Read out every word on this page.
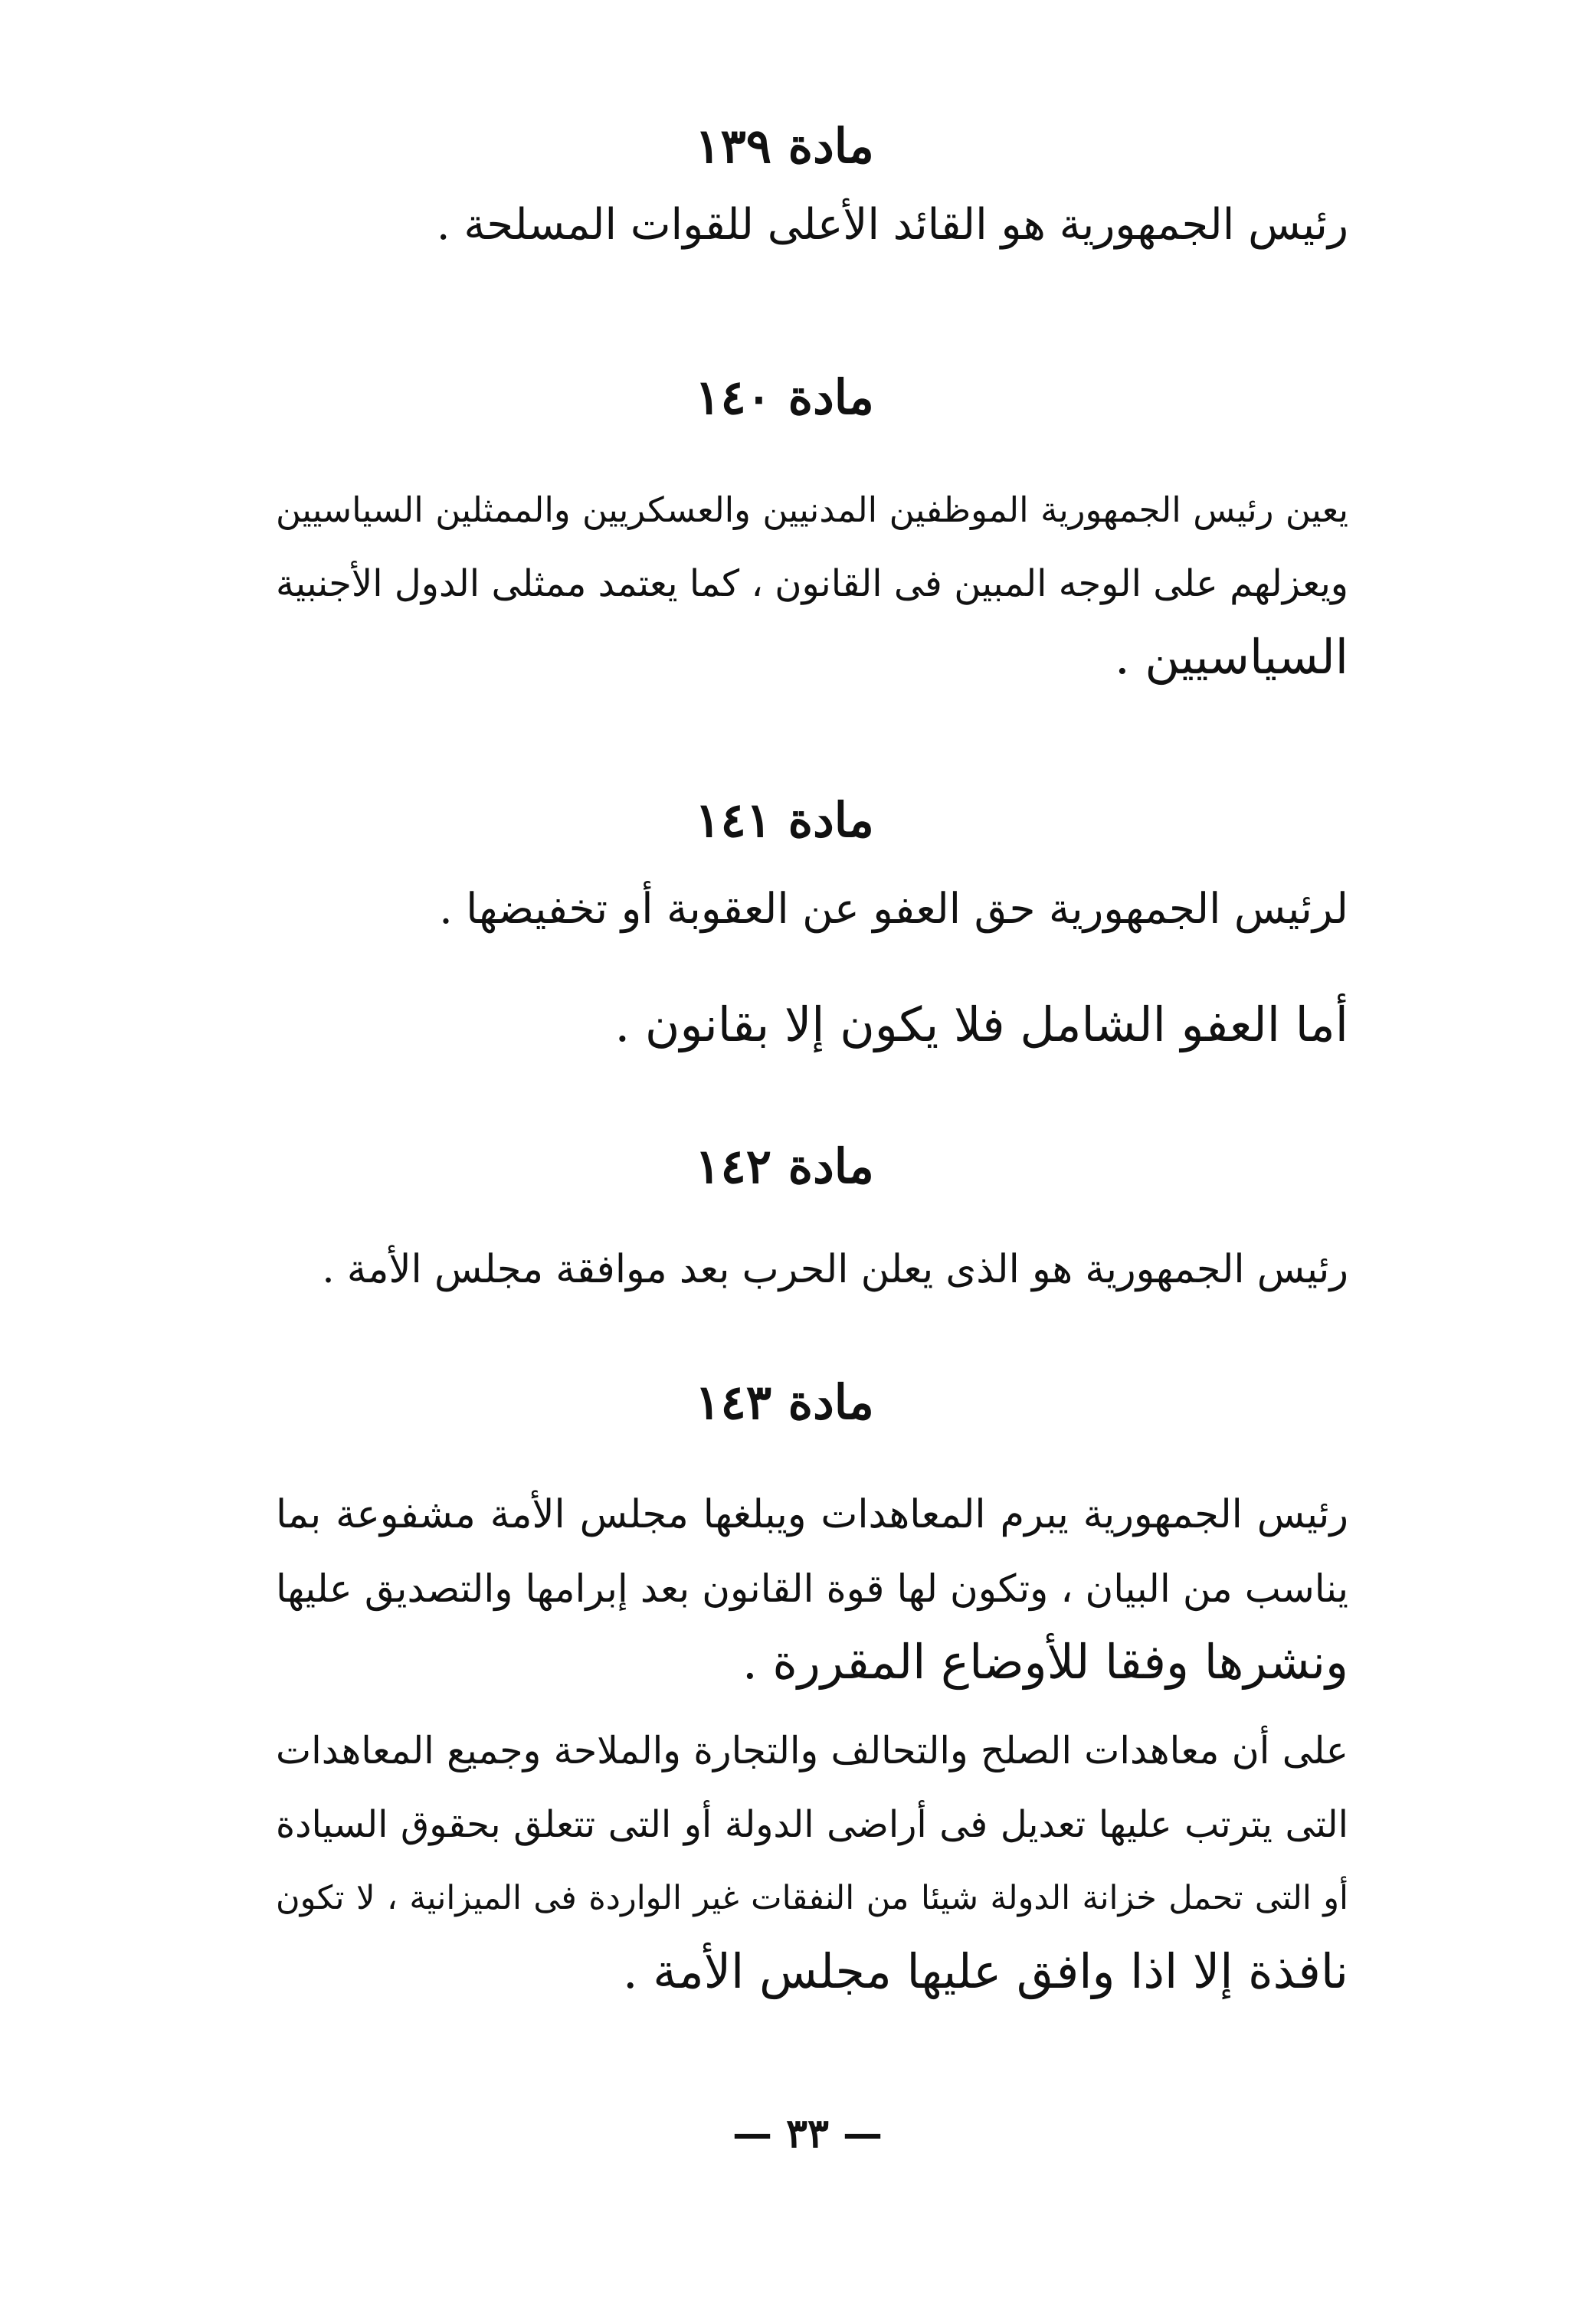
مادة ١٣٩
رئيس الجمهورية هو القائد الأعلى للقوات المسلحة .
مادة ١٤٠
يعين رئيس الجمهورية الموظفين المدنيين والعسكريين والممثلين السياسيين
ويعزلهم على الوجه المبين فى القانون ، كما يعتمد ممثلى الدول الأجنبية
السياسيين .
مادة ١٤١
لرئيس الجمهورية حق العفو عن العقوبة أو تخفيضها .
أما العفو الشامل فلا يكون إلا بقانون .
مادة ١٤٢
رئيس الجمهورية هو الذى يعلن الحرب بعد موافقة مجلس الأمة .
مادة ١٤٣
رئيس الجمهورية يبرم المعاهدات ويبلغها مجلس الأمة مشفوعة بما
يناسب من البيان ، وتكون لها قوة القانون بعد إبرامها والتصديق عليها
ونشرها وفقا للأوضاع المقررة .
على أن معاهدات الصلح والتحالف والتجارة والملاحة وجميع المعاهدات
التى يترتب عليها تعديل فى أراضى الدولة أو التى تتعلق بحقوق السيادة
أو التى تحمل خزانة الدولة شيئا من النفقات غير الواردة فى الميزانية ، لا تكون
نافذة إلا اذا وافق عليها مجلس الأمة .
— ٣٣ —
